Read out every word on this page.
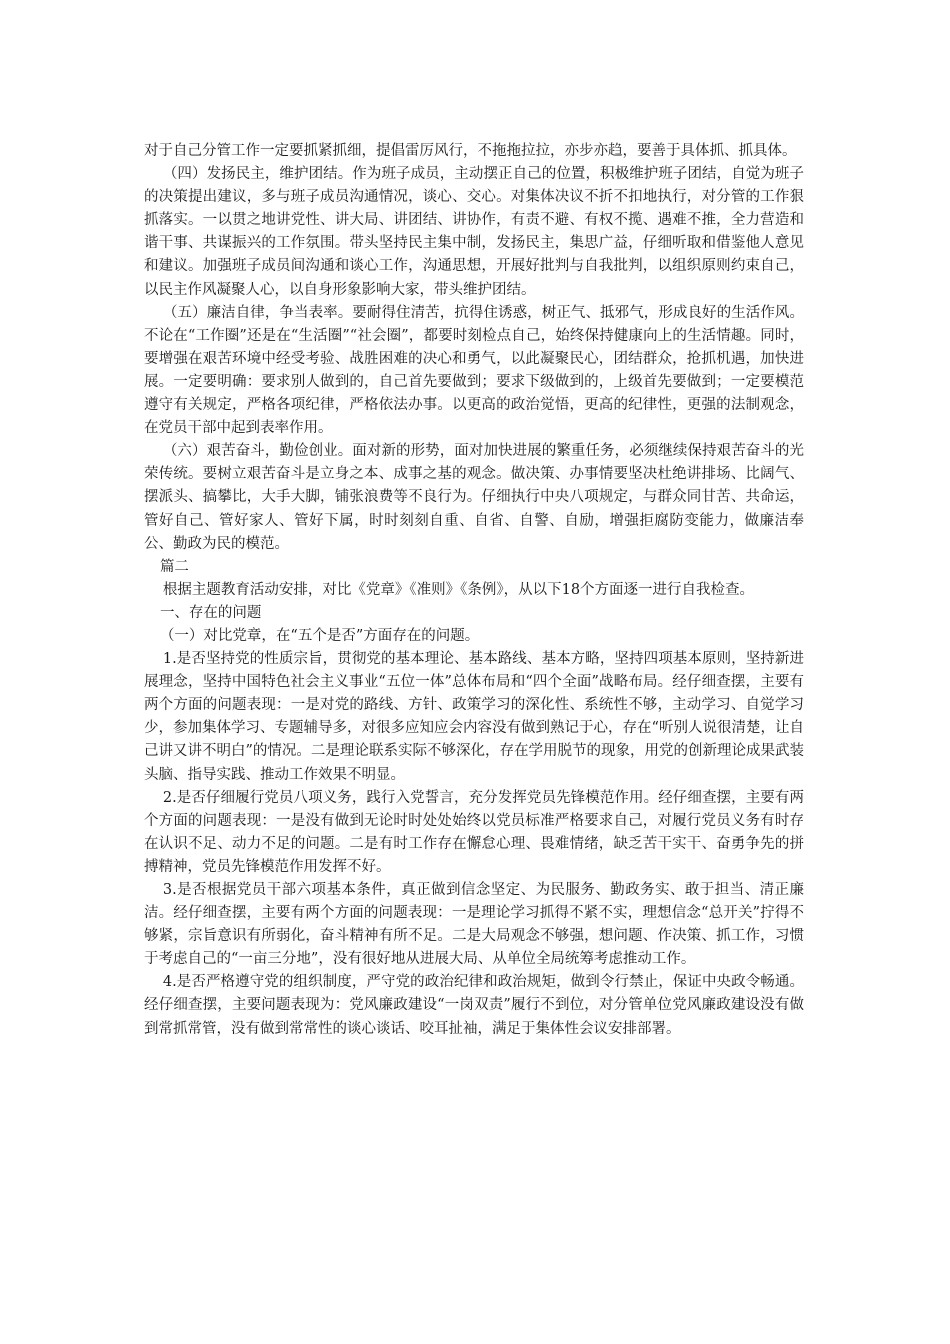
对于自己分管工作一定要抓紧抓细，提倡雷厉风行，不拖拖拉拉，亦步亦趋，要善于具体抓、抓具体。

（四）发扬民主，维护团结。作为班子成员，主动摆正自己的位置，积极维护班子团结，自觉为班子的决策提出建议，多与班子成员沟通情况，谈心、交心。对集体决议不折不扣地执行，对分管的工作狠抓落实。一以贯之地讲党性、讲大局、讲团结、讲协作，有责不避、有权不揽、遇难不推，全力营造和谐干事、共谋振兴的工作氛围。带头坚持民主集中制，发扬民主，集思广益，仔细听取和借鉴他人意见和建议。加强班子成员间沟通和谈心工作，沟通思想，开展好批判与自我批判，以组织原则约束自己，以民主作风凝聚人心，以自身形象影响大家，带头维护团结。

（五）廉洁自律，争当表率。要耐得住清苦，抗得住诱惑，树正气、抵邪气，形成良好的生活作风。不论在“工作圈”还是在“生活圈”“社会圈”，都要时刻检点自己，始终保持健康向上的生活情趣。同时，要增强在艰苦环境中经受考验、战胜困难的决心和勇气，以此凝聚民心，团结群众，抢抓机遇，加快进展。一定要明确：要求别人做到的，自己首先要做到；要求下级做到的，上级首先要做到；一定要模范遵守有关规定，严格各项纪律，严格依法办事。以更高的政治觉悟，更高的纪律性，更强的法制观念，在党员干部中起到表率作用。

（六）艰苦奋斗，勤俭创业。面对新的形势，面对加快进展的繁重任务，必须继续保持艰苦奋斗的光荣传统。要树立艰苦奋斗是立身之本、成事之基的观念。做决策、办事情要坚决杜绝讲排场、比阔气、摆派头、搞攀比，大手大脚，铺张浪费等不良行为。仔细执行中央八项规定，与群众同甘苦、共命运，管好自己、管好家人、管好下属，时时刻刻自重、自省、自警、自励，增强拒腐防变能力，做廉洁奉公、勤政为民的模范。

篇二

根据主题教育活动安排，对比《党章》《准则》《条例》，从以下18个方面逐一进行自我检查。

一、存在的问题

（一）对比党章，在“五个是否”方面存在的问题。

1.是否坚持党的性质宗旨，贯彻党的基本理论、基本路线、基本方略，坚持四项基本原则，坚持新进展理念，坚持中国特色社会主义事业“五位一体”总体布局和“四个全面”战略布局。经仔细查摆，主要有两个方面的问题表现：一是对党的路线、方针、政策学习的深化性、系统性不够，主动学习、自觉学习少，参加集体学习、专题辅导多，对很多应知应会内容没有做到熟记于心，存在“听别人说很清楚，让自己讲又讲不明白”的情况。二是理论联系实际不够深化，存在学用脱节的现象，用党的创新理论成果武装头脑、指导实践、推动工作效果不明显。

2.是否仔细履行党员八项义务，践行入党誓言，充分发挥党员先锋模范作用。经仔细查摆，主要有两个方面的问题表现：一是没有做到无论时时处处始终以党员标准严格要求自己，对履行党员义务有时存在认识不足、动力不足的问题。二是有时工作存在懈怠心理、畏难情绪，缺乏苦干实干、奋勇争先的拼搏精神，党员先锋模范作用发挥不好。

3.是否根据党员干部六项基本条件，真正做到信念坚定、为民服务、勤政务实、敢于担当、清正廉洁。经仔细查摆，主要有两个方面的问题表现：一是理论学习抓得不紧不实，理想信念“总开关”拧得不够紧，宗旨意识有所弱化，奋斗精神有所不足。二是大局观念不够强，想问题、作决策、抓工作，习惯于考虑自己的“一亩三分地”，没有很好地从进展大局、从单位全局统筹考虑推动工作。

4.是否严格遵守党的组织制度，严守党的政治纪律和政治规矩，做到令行禁止，保证中央政令畅通。经仔细查摆，主要问题表现为：党风廉政建设“一岗双责”履行不到位，对分管单位党风廉政建设没有做到常抓常管，没有做到常常性的谈心谈话、咬耳扯袖，满足于集体性会议安排部署。
